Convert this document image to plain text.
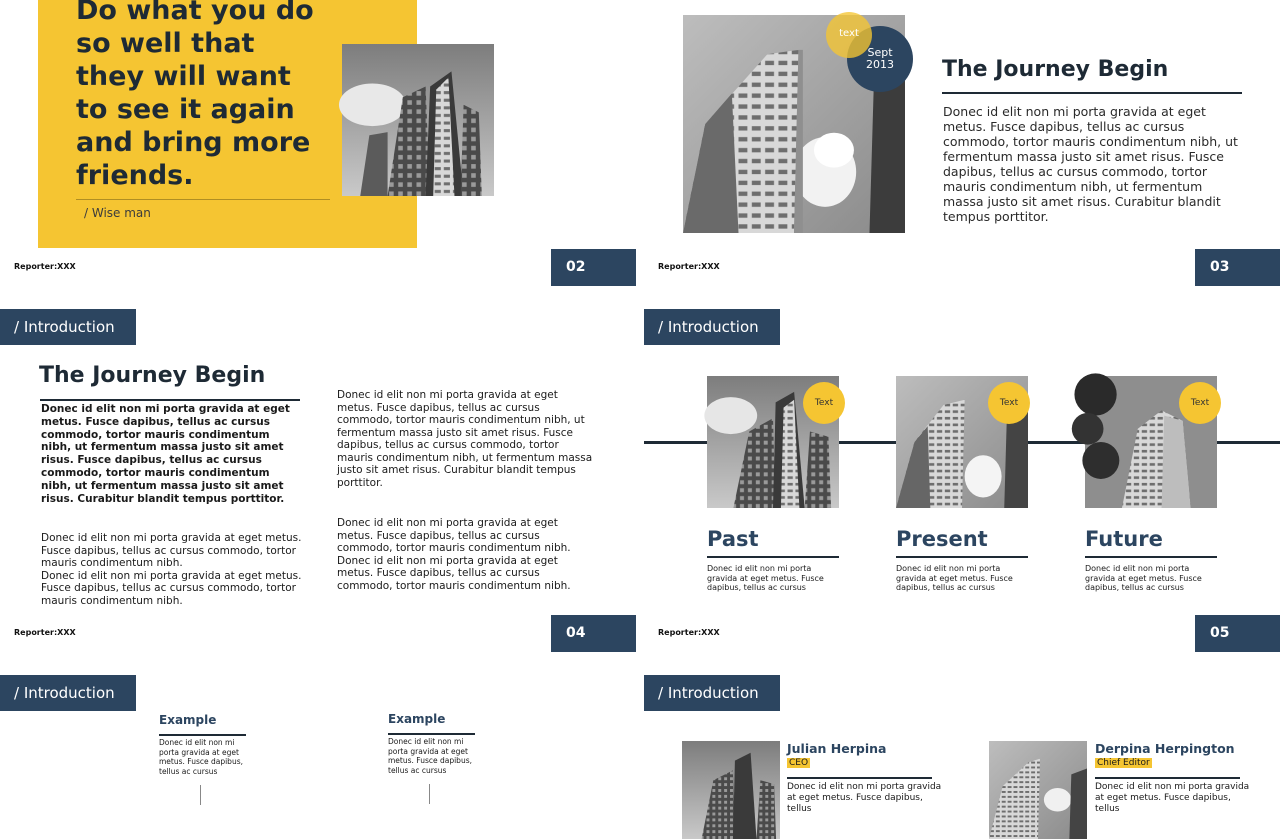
Do what you do so well that they will want to see it again and bring more friends.
/ Wise man
Reporter:XXX	02
Sept
2013
text
The Journey Begin
Donec id elit non mi porta gravida at eget metus. Fusce dapibus, tellus ac cursus commodo, tortor mauris condimentum nibh, ut fermentum massa justo sit amet risus. Fusce dapibus, tellus ac cursus commodo, tortor mauris condimentum nibh, ut fermentum massa justo sit amet risus. Curabitur blandit tempus porttitor.
Reporter:XXX	03
/ Introduction
The Journey Begin
Donec id elit non mi porta gravida at eget metus. Fusce dapibus, tellus ac cursus commodo, tortor mauris condimentum nibh, ut fermentum massa justo sit amet risus. Fusce dapibus, tellus ac cursus commodo, tortor mauris condimentum nibh, ut fermentum massa justo sit amet risus. Curabitur blandit tempus porttitor.
Donec id elit non mi porta gravida at eget metus. Fusce dapibus, tellus ac cursus commodo, tortor mauris condimentum nibh.
Donec id elit non mi porta gravida at eget metus. Fusce dapibus, tellus ac cursus commodo, tortor mauris condimentum nibh.
Donec id elit non mi porta gravida at eget metus. Fusce dapibus, tellus ac cursus commodo, tortor mauris condimentum nibh, ut fermentum massa justo sit amet risus. Fusce dapibus, tellus ac cursus commodo, tortor mauris condimentum nibh, ut fermentum massa justo sit amet risus. Curabitur blandit tempus porttitor.
Donec id elit non mi porta gravida at eget metus. Fusce dapibus, tellus ac cursus commodo, tortor mauris condimentum nibh.
Donec id elit non mi porta gravida at eget metus. Fusce dapibus, tellus ac cursus commodo, tortor mauris condimentum nibh.
Reporter:XXX	04
/ Introduction
Text
Past
Donec id elit non mi porta gravida at eget metus. Fusce dapibus, tellus ac cursus
Text
Present
Donec id elit non mi porta gravida at eget metus. Fusce dapibus, tellus ac cursus
Text
Future
Donec id elit non mi porta gravida at eget metus. Fusce dapibus, tellus ac cursus
Reporter:XXX	05
/ Introduction
Example
Donec id elit non mi porta gravida at eget metus. Fusce dapibus, tellus ac cursus
Example
Donec id elit non mi porta gravida at eget metus. Fusce dapibus, tellus ac cursus
/ Introduction
Julian Herpina
CEO
Donec id elit non mi porta gravida at eget metus. Fusce dapibus, tellus
Derpina Herpington
Chief Editor
Donec id elit non mi porta gravida at eget metus. Fusce dapibus, tellus
